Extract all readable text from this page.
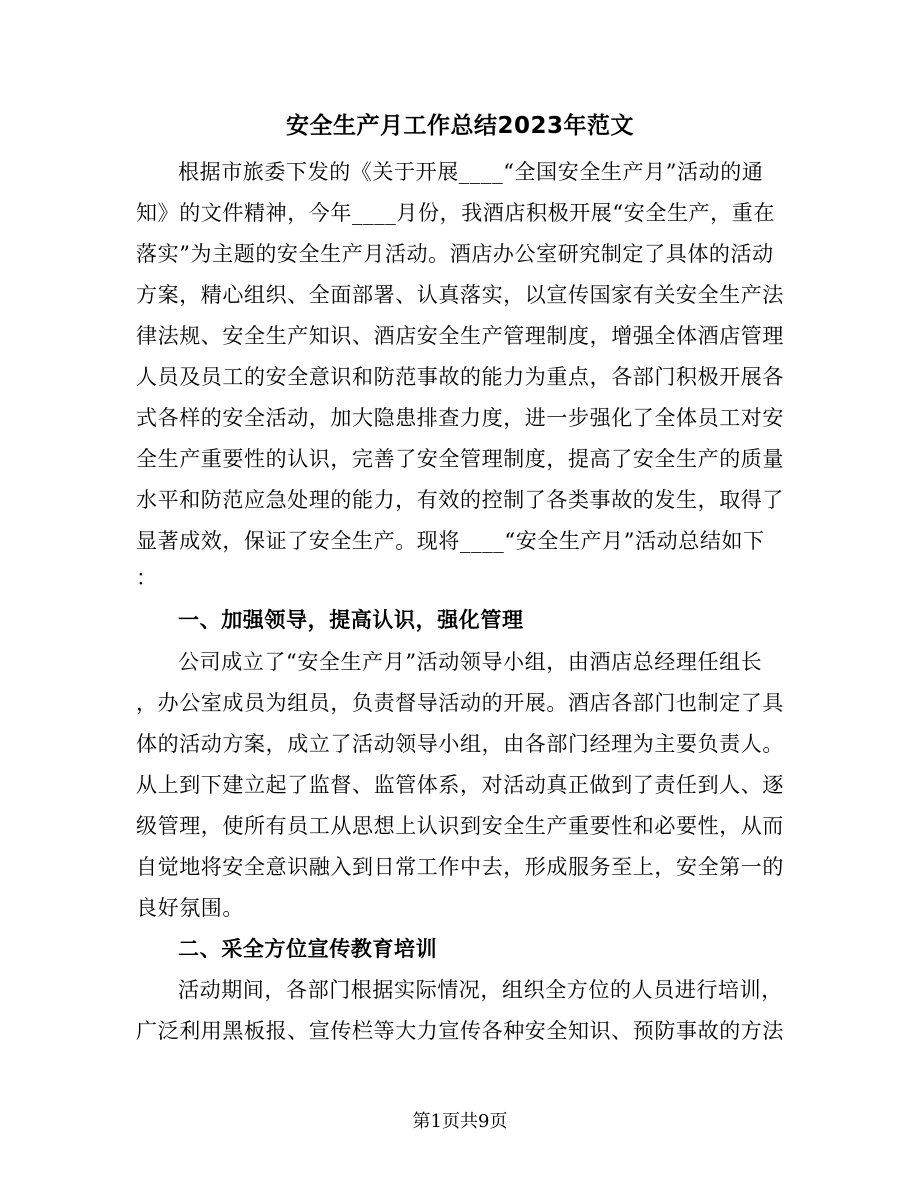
安全生产月工作总结2023年范文
根据市旅委下发的《关于开展____“全国安全生产月”活动的通
知》的文件精神，今年____月份，我酒店积极开展“安全生产，重在
落实”为主题的安全生产月活动。酒店办公室研究制定了具体的活动
方案，精心组织、全面部署、认真落实，以宣传国家有关安全生产法
律法规、安全生产知识、酒店安全生产管理制度，增强全体酒店管理
人员及员工的安全意识和防范事故的能力为重点，各部门积极开展各
式各样的安全活动，加大隐患排查力度，进一步强化了全体员工对安
全生产重要性的认识，完善了安全管理制度，提高了安全生产的质量
水平和防范应急处理的能力，有效的控制了各类事故的发生，取得了
显著成效，保证了安全生产。现将____“安全生产月”活动总结如下
：
一、加强领导，提高认识，强化管理
公司成立了“安全生产月”活动领导小组，由酒店总经理任组长
，办公室成员为组员，负责督导活动的开展。酒店各部门也制定了具
体的活动方案，成立了活动领导小组，由各部门经理为主要负责人。
从上到下建立起了监督、监管体系，对活动真正做到了责任到人、逐
级管理，使所有员工从思想上认识到安全生产重要性和必要性，从而
自觉地将安全意识融入到日常工作中去，形成服务至上，安全第一的
良好氛围。
二、采全方位宣传教育培训
活动期间，各部门根据实际情况，组织全方位的人员进行培训，
广泛利用黑板报、宣传栏等大力宣传各种安全知识、预防事故的方法
第1页共9页
